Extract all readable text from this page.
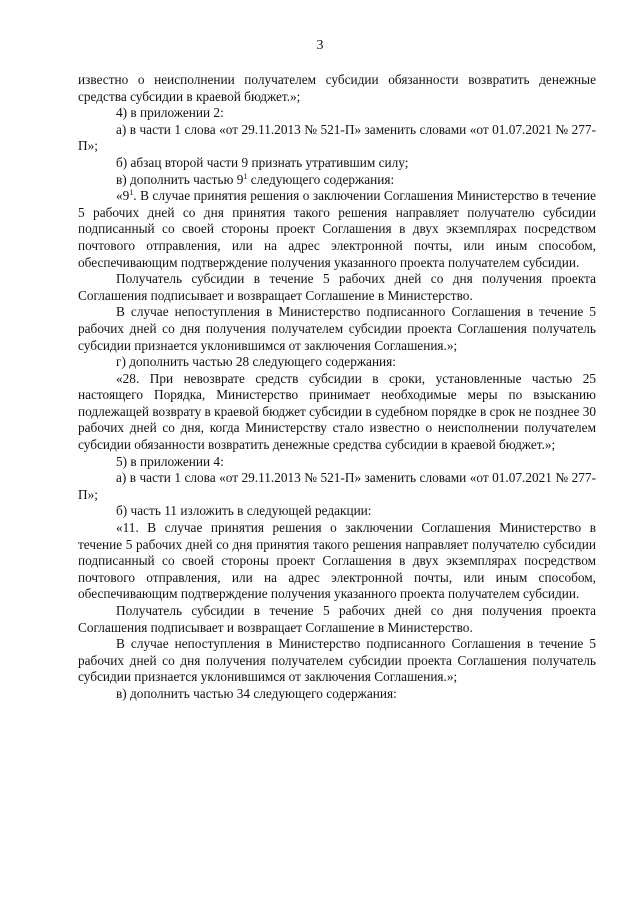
3

известно о неисполнении получателем субсидии обязанности возвратить денежные средства субсидии в краевой бюджет.»;

4) в приложении 2:

а) в части 1 слова «от 29.11.2013 № 521-П» заменить словами «от 01.07.2021 № 277-П»;

б) абзац второй части 9 признать утратившим силу;

в) дополнить частью $9^1$ следующего содержания:

«$9^1$. В случае принятия решения о заключении Соглашения Министерство в течение 5 рабочих дней со дня принятия такого решения направляет получателю субсидии подписанный со своей стороны проект Соглашения в двух экземплярах посредством почтового отправления, или на адрес электронной почты, или иным способом, обеспечивающим подтверждение получения указанного проекта получателем субсидии.

Получатель субсидии в течение 5 рабочих дней со дня получения проекта Соглашения подписывает и возвращает Соглашение в Министерство.

В случае непоступления в Министерство подписанного Соглашения в течение 5 рабочих дней со дня получения получателем субсидии проекта Соглашения получатель субсидии признается уклонившимся от заключения Соглашения.»;

г) дополнить частью 28 следующего содержания:

«28. При невозврате средств субсидии в сроки, установленные частью 25 настоящего Порядка, Министерство принимает необходимые меры по взысканию подлежащей возврату в краевой бюджет субсидии в судебном порядке в срок не позднее 30 рабочих дней со дня, когда Министерству стало известно о неисполнении получателем субсидии обязанности возвратить денежные средства субсидии в краевой бюджет.»;

5) в приложении 4:

а) в части 1 слова «от 29.11.2013 № 521-П» заменить словами «от 01.07.2021 № 277-П»;

б) часть 11 изложить в следующей редакции:

«11. В случае принятия решения о заключении Соглашения Министерство в течение 5 рабочих дней со дня принятия такого решения направляет получателю субсидии подписанный со своей стороны проект Соглашения в двух экземплярах посредством почтового отправления, или на адрес электронной почты, или иным способом, обеспечивающим подтверждение получения указанного проекта получателем субсидии.

Получатель субсидии в течение 5 рабочих дней со дня получения проекта Соглашения подписывает и возвращает Соглашение в Министерство.

В случае непоступления в Министерство подписанного Соглашения в течение 5 рабочих дней со дня получения получателем субсидии проекта Соглашения получатель субсидии признается уклонившимся от заключения Соглашения.»;

в) дополнить частью 34 следующего содержания:
